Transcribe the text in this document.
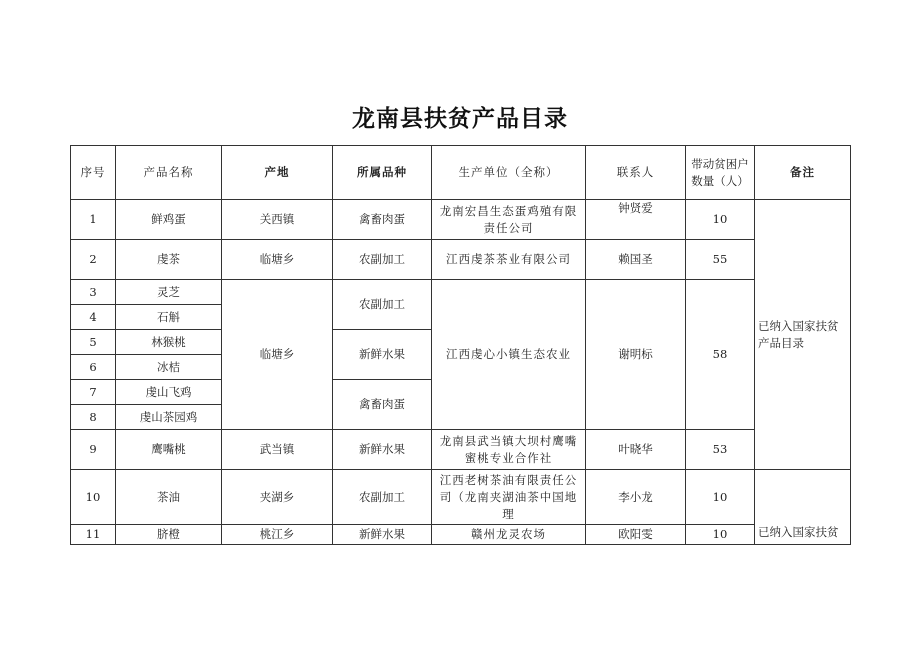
龙南县扶贫产品目录
序号	产品名称	产地	所属品种	生产单位（全称）	联系人	带动贫困户
数量（人）	备注
1	鲜鸡蛋	关西镇	禽畜肉蛋	龙南宏昌生态蛋鸡殖有限责任公司	钟贤爱	10	已纳入国家扶贫产品目录
2	虔茶	临塘乡	农副加工	江西虔茶茶业有限公司	赖国圣	55	
3	灵芝	临塘乡	农副加工	江西虔心小镇生态农业	谢明标	58	
4	石斛						
5	林猴桃		新鲜水果				
6	冰桔						
7	虔山飞鸡		禽畜肉蛋				
8	虔山茶园鸡						
9	鹰嘴桃	武当镇	新鲜水果	龙南县武当镇大坝村鹰嘴蜜桃专业合作社	叶晓华	53	
10	茶油	夹湖乡	农副加工	江西老树茶油有限责任公司（龙南夹湖油茶中国地理	李小龙	10	已纳入国家扶贫

11	脐橙	桃江乡	新鲜水果	赣州龙灵农场	欧阳雯	10	
